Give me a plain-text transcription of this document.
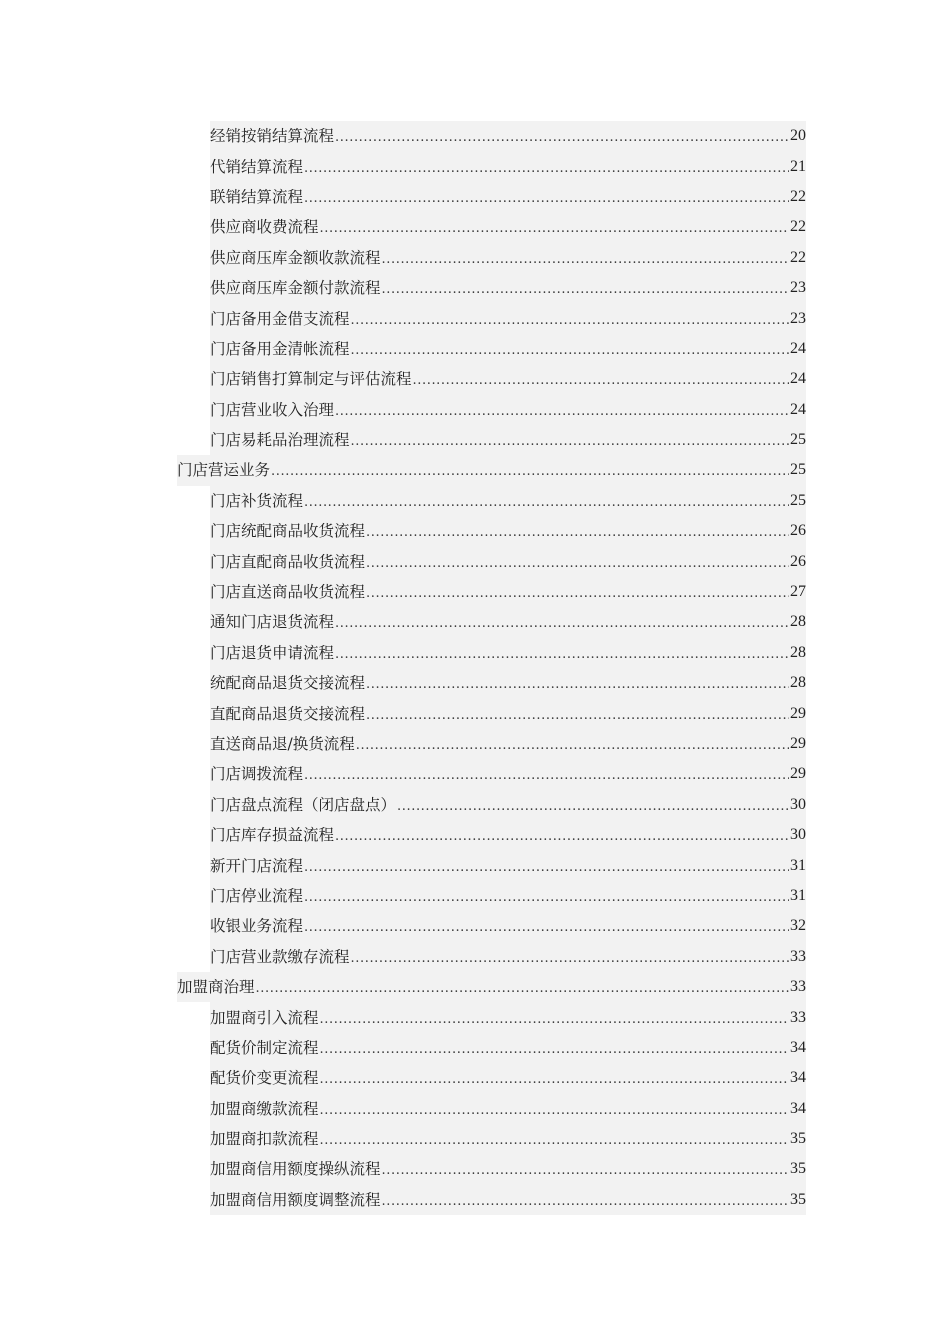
经销按销结算流程 .....	20
代销结算流程 .....	21
联销结算流程 .....	22
供应商收费流程 .....	22
供应商压库金额收款流程 .....	22
供应商压库金额付款流程 .....	23
门店备用金借支流程 .....	23
门店备用金清帐流程 .....	24
门店销售打算制定与评估流程 .....	24
门店营业收入治理 .....	24
门店易耗品治理流程 .....	25
门店营运业务 .....	25
门店补货流程 .....	25
门店统配商品收货流程 .....	26
门店直配商品收货流程 .....	26
门店直送商品收货流程 .....	27
通知门店退货流程 .....	28
门店退货申请流程 .....	28
统配商品退货交接流程 .....	28
直配商品退货交接流程 .....	29
直送商品退/换货流程 .....	29
门店调拨流程 .....	29
门店盘点流程（闭店盘点） .....	30
门店库存损益流程 .....	30
新开门店流程 .....	31
门店停业流程 .....	31
收银业务流程 .....	32
门店营业款缴存流程 .....	33
加盟商治理 .....	33
加盟商引入流程 .....	33
配货价制定流程 .....	34
配货价变更流程 .....	34
加盟商缴款流程 .....	34
加盟商扣款流程 .....	35
加盟商信用额度操纵流程 .....	35
加盟商信用额度调整流程 .....	35
